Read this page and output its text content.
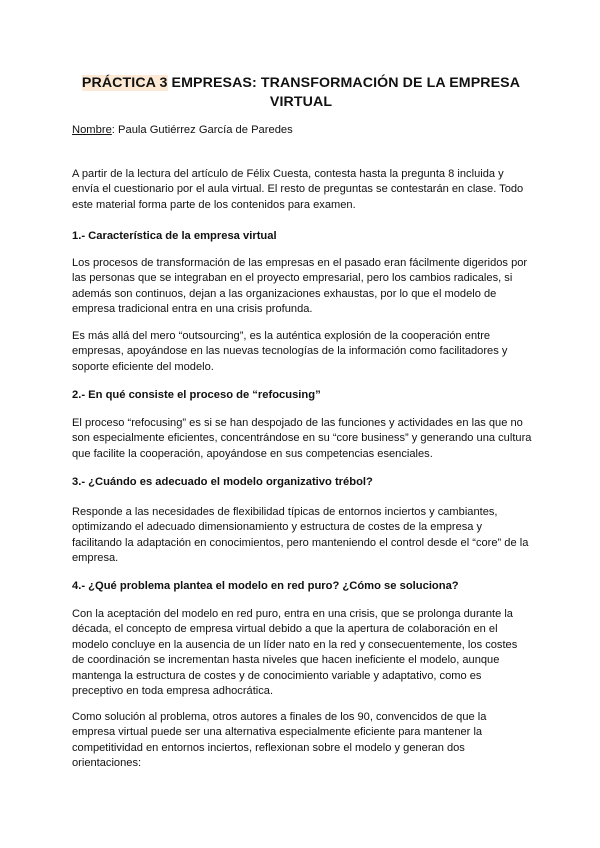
PRÁCTICA 3 EMPRESAS: TRANSFORMACIÓN DE LA EMPRESA
VIRTUAL
Nombre: Paula Gutiérrez García de Paredes
A partir de la lectura del artículo de Félix Cuesta, contesta hasta la pregunta 8 incluida y envía el cuestionario por el aula virtual. El resto de preguntas se contestarán en clase. Todo este material forma parte de los contenidos para examen.
1.- Característica de la empresa virtual
Los procesos de transformación de las empresas en el pasado eran fácilmente digeridos por las personas que se integraban en el proyecto empresarial, pero los cambios radicales, si además son continuos, dejan a las organizaciones exhaustas, por lo que el modelo de empresa tradicional entra en una crisis profunda.
Es más allá del mero “outsourcing”, es la auténtica explosión de la cooperación entre empresas, apoyándose en las nuevas tecnologías de la información como facilitadores y soporte eficiente del modelo.
2.- En qué consiste el proceso de “refocusing”
El proceso “refocusing” es si se han despojado de las funciones y actividades en las que no son especialmente eficientes, concentrándose en su “core business” y generando una cultura que facilite la cooperación, apoyándose en sus competencias esenciales.
3.- ¿Cuándo es adecuado el modelo organizativo trébol?
Responde a las necesidades de flexibilidad típicas de entornos inciertos y cambiantes, optimizando el adecuado dimensionamiento y estructura de costes de la empresa y facilitando la adaptación en conocimientos, pero manteniendo el control desde el “core” de la empresa.
4.- ¿Qué problema plantea el modelo en red puro? ¿Cómo se soluciona?
Con la aceptación del modelo en red puro, entra en una crisis, que se prolonga durante la década, el concepto de empresa virtual debido a que la apertura de colaboración en el modelo concluye en la ausencia de un líder nato en la red y consecuentemente, los costes de coordinación se incrementan hasta niveles que hacen ineficiente el modelo, aunque mantenga la estructura de costes y de conocimiento variable y adaptativo, como es preceptivo en toda empresa adhocrática.
Como solución al problema, otros autores a finales de los 90, convencidos de que la empresa virtual puede ser una alternativa especialmente eficiente para mantener la competitividad en entornos inciertos, reflexionan sobre el modelo y generan dos orientaciones:
